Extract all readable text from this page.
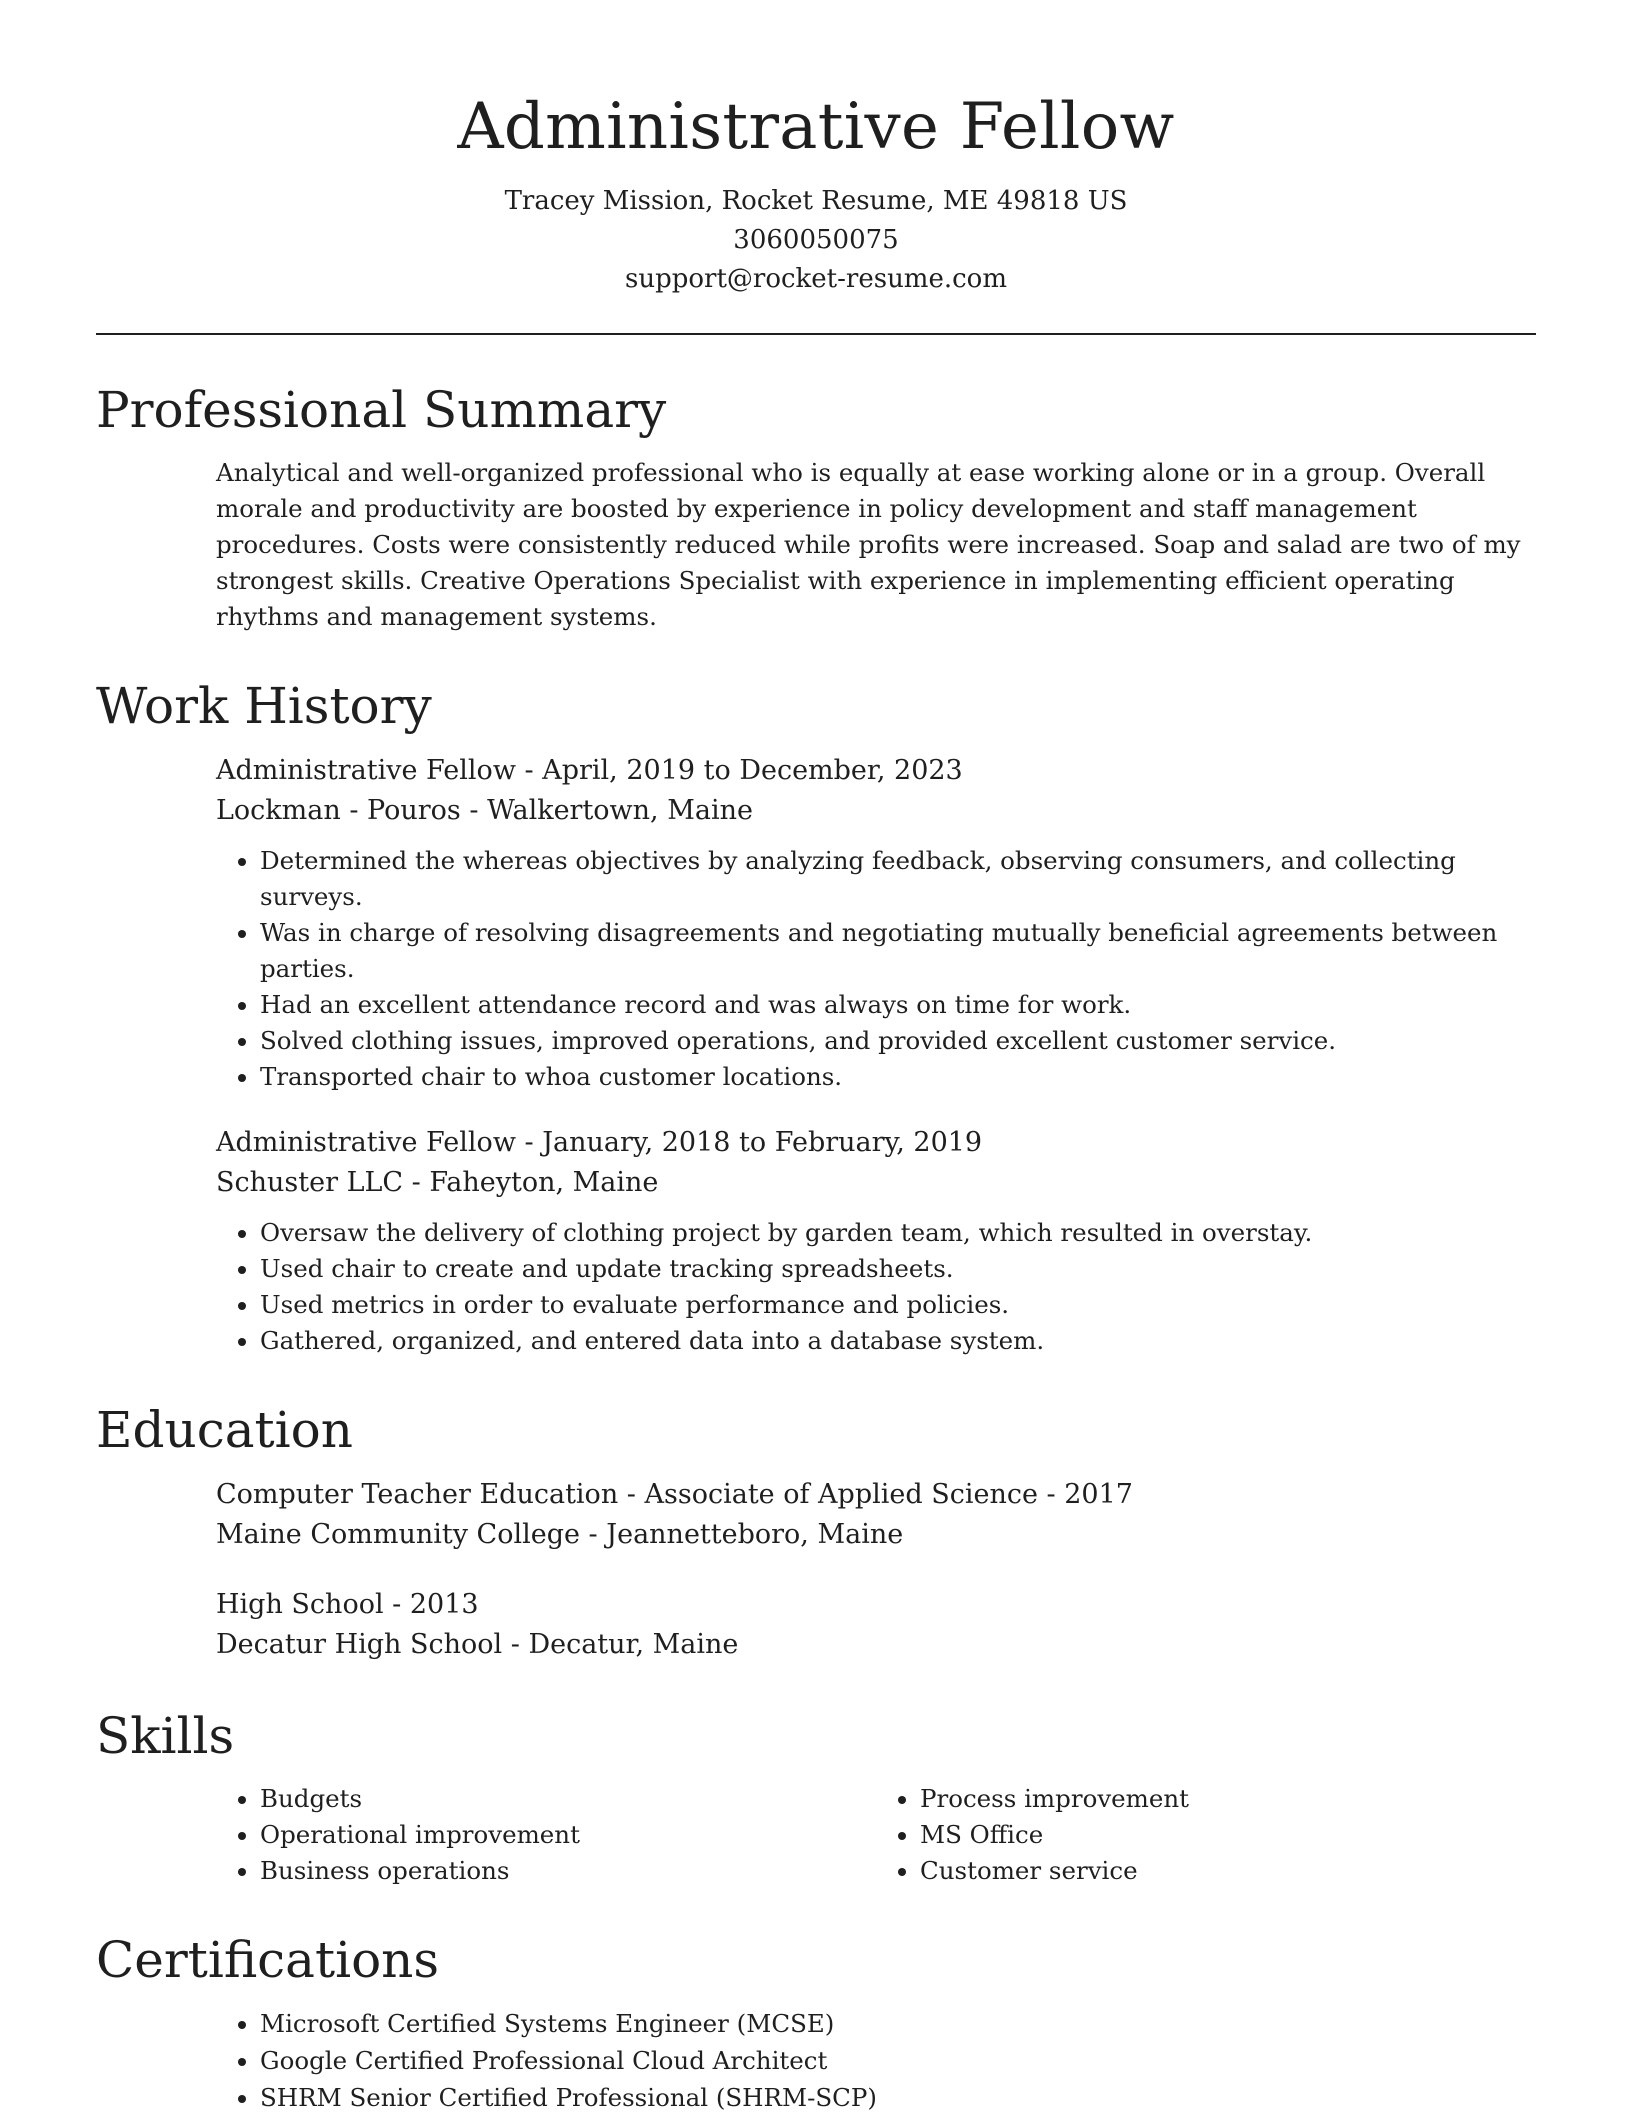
Administrative Fellow

Tracey Mission, Rocket Resume, ME 49818 US

3060050075

support@rocket-resume.com

Professional Summary

Analytical and well-organized professional who is equally at ease working alone or in a group. Overall morale and productivity are boosted by experience in policy development and staff management procedures. Costs were consistently reduced while profits were increased. Soap and salad are two of my strongest skills. Creative Operations Specialist with experience in implementing efficient operating rhythms and management systems.

Work History

Administrative Fellow - April, 2019 to December, 2023

Lockman - Pouros - Walkertown, Maine

• Determined the whereas objectives by analyzing feedback, observing consumers, and collecting surveys.
• Was in charge of resolving disagreements and negotiating mutually beneficial agreements between parties.
• Had an excellent attendance record and was always on time for work.
• Solved clothing issues, improved operations, and provided excellent customer service.
• Transported chair to whoa customer locations.

Administrative Fellow - January, 2018 to February, 2019

Schuster LLC - Faheyton, Maine

• Oversaw the delivery of clothing project by garden team, which resulted in overstay.
• Used chair to create and update tracking spreadsheets.
• Used metrics in order to evaluate performance and policies.
• Gathered, organized, and entered data into a database system.
Education

Computer Teacher Education - Associate of Applied Science - 2017

Maine Community College - Jeannetteboro, Maine

High School - 2013

Decatur High School - Decatur, Maine

Skills
• Budgets
• Operational improvement
• Business operations
• Process improvement
• MS Office
• Customer service
Certifications
• Microsoft Certified Systems Engineer (MCSE)
• Google Certified Professional Cloud Architect
• SHRM Senior Certified Professional (SHRM-SCP)
